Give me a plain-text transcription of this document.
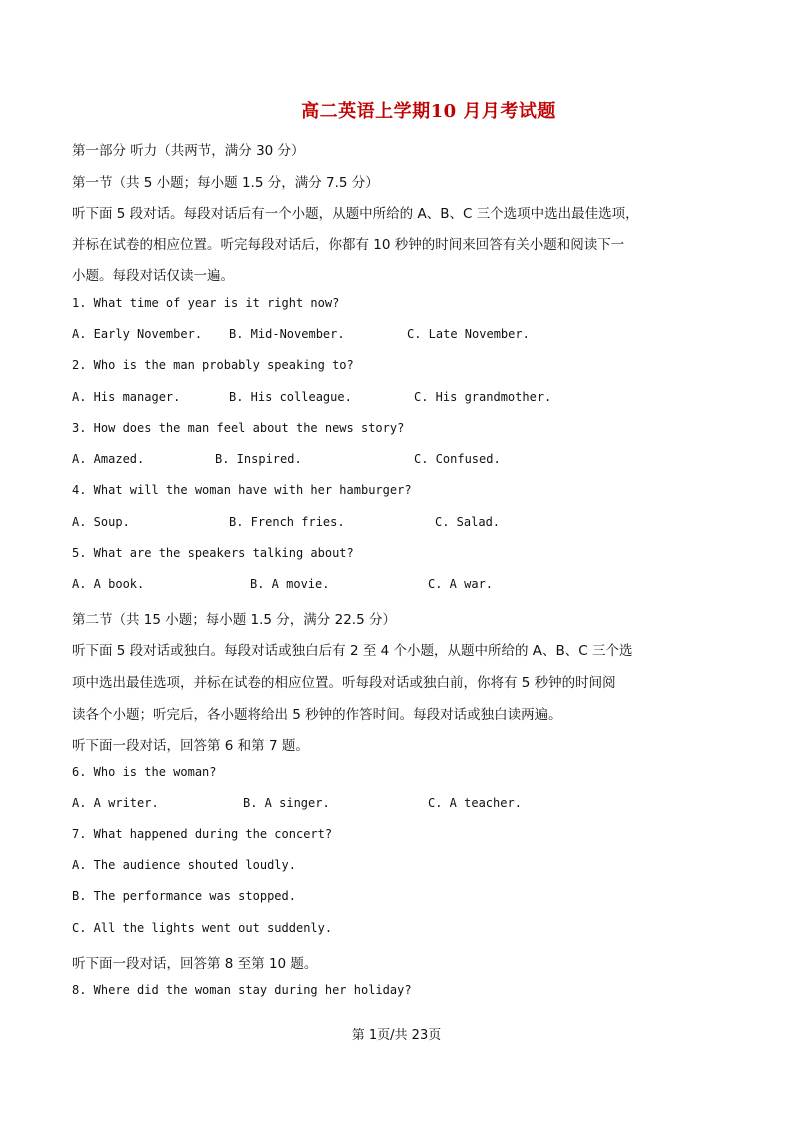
高二英语上学期10 月月考试题
第一部分 听力（共两节，满分 30 分）
第一节（共 5 小题；每小题 1.5 分，满分 7.5 分）
听下面 5 段对话。每段对话后有一个小题，从题中所给的 A、B、C 三个选项中选出最佳选项，
并标在试卷的相应位置。听完每段对话后，你都有 10 秒钟的时间来回答有关小题和阅读下一
小题。每段对话仅读一遍。
1. What time of year is it right now?
A. Early November. B. Mid-November.	C. Late November.
2. Who is the man probably speaking to?
A. His manager.	B. His colleague.	C. His grandmother.
3. How does the man feel about the news story?
A. Amazed.	B. Inspired.	C. Confused.
4. What will the woman have with her hamburger?
A. Soup.	B. French fries.	C. Salad.
5. What are the speakers talking about?
A. A book.	B. A movie.	C. A war.
第二节（共 15 小题；每小题 1.5 分，满分 22.5 分）
听下面 5 段对话或独白。每段对话或独白后有 2 至 4 个小题，从题中所给的 A、B、C 三个选
项中选出最佳选项，并标在试卷的相应位置。听每段对话或独白前，你将有 5 秒钟的时间阅
读各个小题；听完后，各小题将给出 5 秒钟的作答时间。每段对话或独白读两遍。
听下面一段对话，回答第 6 和第 7 题。
6. Who is the woman?
A. A writer.	B. A singer.	C. A teacher.
7. What happened during the concert?
A. The audience shouted loudly.
B. The performance was stopped.
C. All the lights went out suddenly.
听下面一段对话，回答第 8 至第 10 题。
8. Where did the woman stay during her holiday?
第 1页/共 23页
